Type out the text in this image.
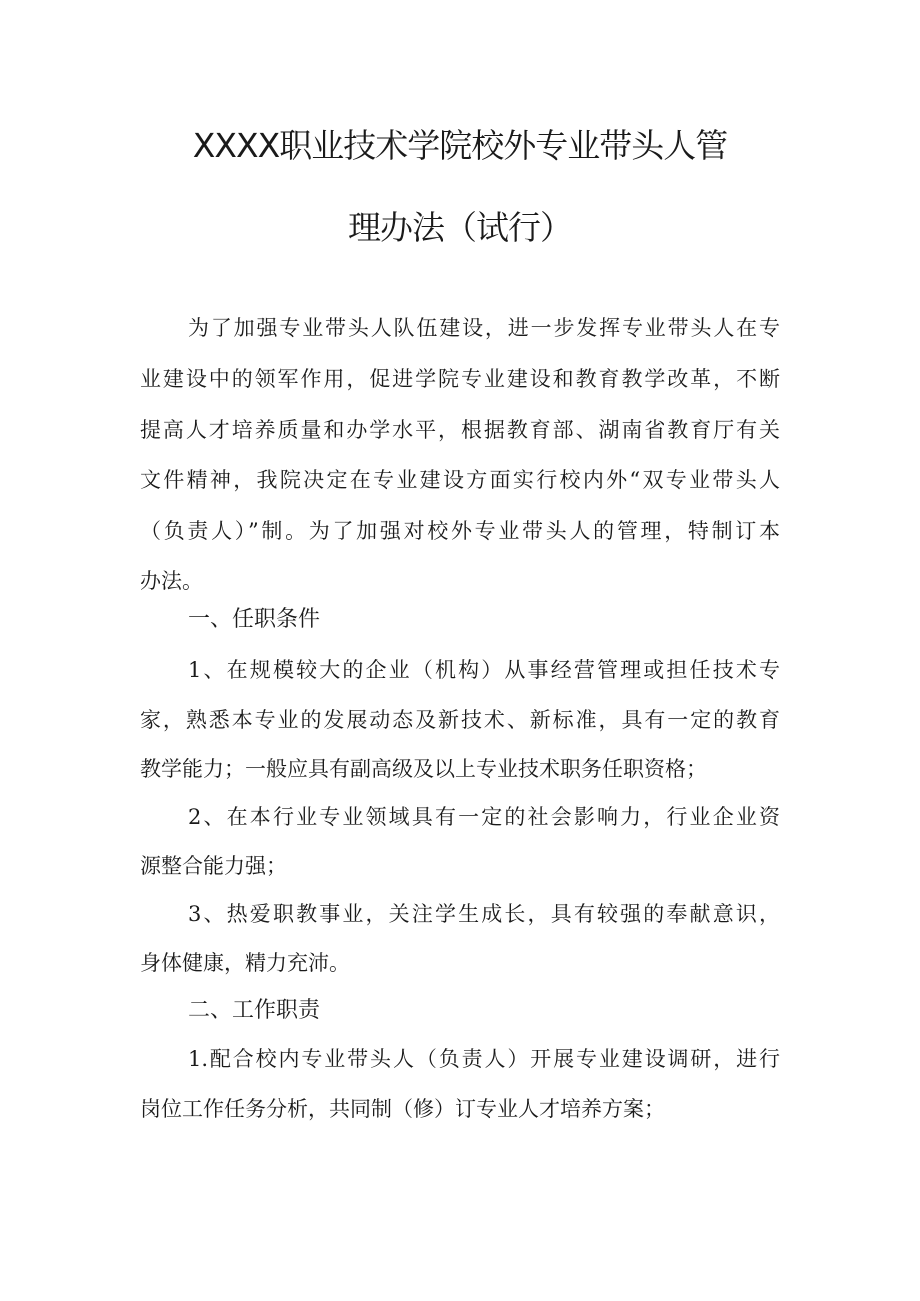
XXXX职业技术学院校外专业带头人管
理办法（试行）

为了加强专业带头人队伍建设，进一步发挥专业带头人在专

业建设中的领军作用，促进学院专业建设和教育教学改革，不断

提高人才培养质量和办学水平，根据教育部、湖南省教育厅有关

文件精神，我院决定在专业建设方面实行校内外“双专业带头人

（负责人）”制。为了加强对校外专业带头人的管理，特制订本

办法。

一、任职条件

1、在规模较大的企业（机构）从事经营管理或担任技术专

家，熟悉本专业的发展动态及新技术、新标准，具有一定的教育

教学能力；一般应具有副高级及以上专业技术职务任职资格；

2、在本行业专业领域具有一定的社会影响力，行业企业资

源整合能力强；

3、热爱职教事业，关注学生成长，具有较强的奉献意识，

身体健康，精力充沛。

二、工作职责

1.配合校内专业带头人（负责人）开展专业建设调研，进行

岗位工作任务分析，共同制（修）订专业人才培养方案；
